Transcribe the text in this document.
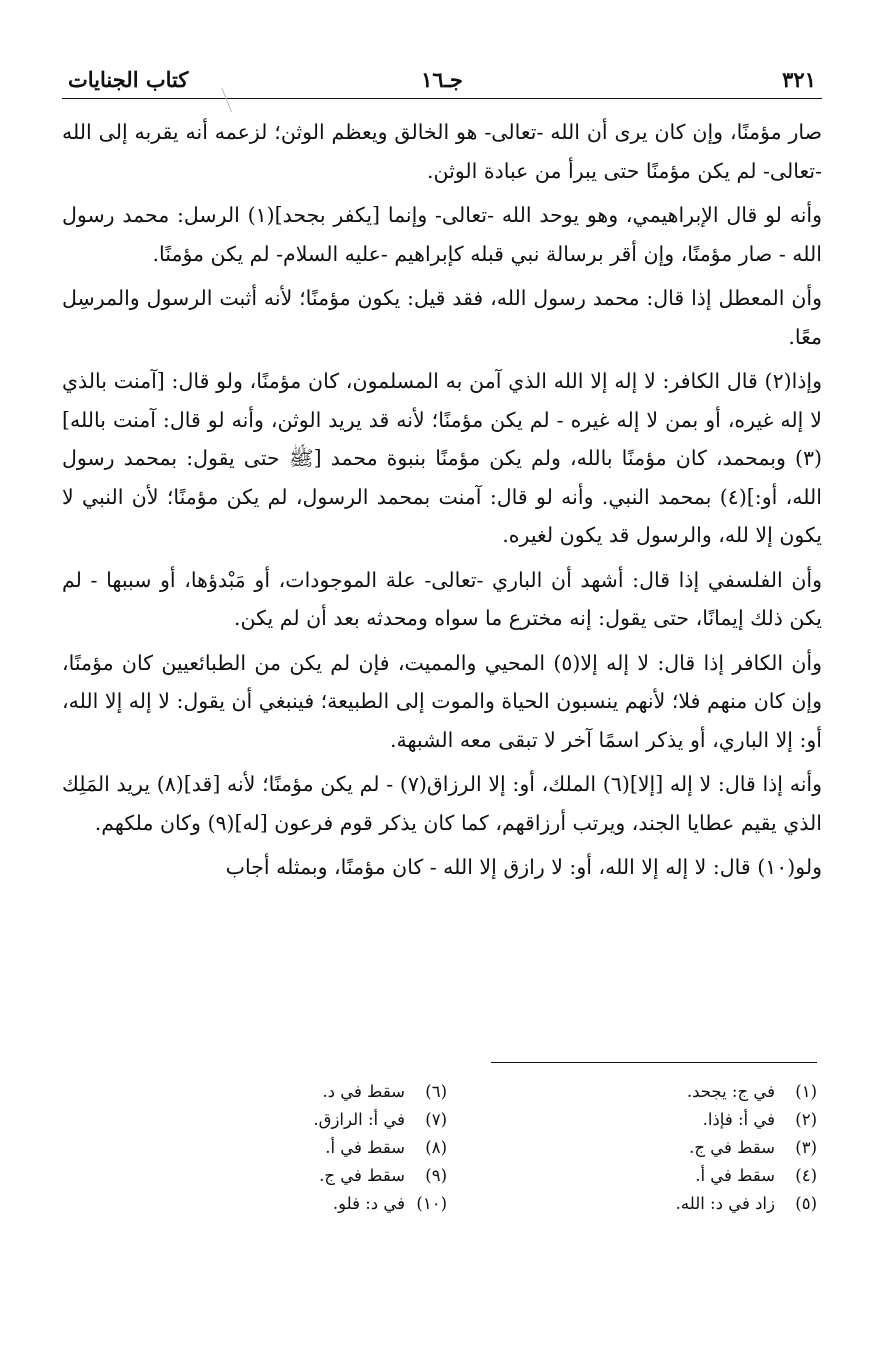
٣٢١
جـ١٦
كتاب الجنايات

صار مؤمنًا، وإن كان يرى أن الله -تعالى- هو الخالق ويعظم الوثن؛ لزعمه أنه يقربه إلى الله -تعالى- لم يكن مؤمنًا حتى يبرأ من عبادة الوثن.

وأنه لو قال الإبراهيمي، وهو يوحد الله -تعالى- وإنما [يكفر بجحد](١) الرسل: محمد رسول الله - صار مؤمنًا، وإن أقر برسالة نبي قبله كإبراهيم -عليه السلام- لم يكن مؤمنًا.

وأن المعطل إذا قال: محمد رسول الله، فقد قيل: يكون مؤمنًا؛ لأنه أثبت الرسول والمرسِل معًا.

وإذا(٢) قال الكافر: لا إله إلا الله الذي آمن به المسلمون، كان مؤمنًا، ولو قال: [آمنت بالذي لا إله غيره، أو بمن لا إله غيره - لم يكن مؤمنًا؛ لأنه قد يريد الوثن، وأنه لو قال: آمنت بالله](٣) وبمحمد، كان مؤمنًا بالله، ولم يكن مؤمنًا بنبوة محمد [ﷺ حتى يقول: بمحمد رسول الله، أو:](٤) بمحمد النبي. وأنه لو قال: آمنت بمحمد الرسول، لم يكن مؤمنًا؛ لأن النبي لا يكون إلا لله، والرسول قد يكون لغيره.

وأن الفلسفي إذا قال: أشهد أن الباري -تعالى- علة الموجودات، أو مَبْدؤها، أو سببها - لم يكن ذلك إيمانًا، حتى يقول: إنه مخترع ما سواه ومحدثه بعد أن لم يكن.

وأن الكافر إذا قال: لا إله إلا(٥) المحيي والمميت، فإن لم يكن من الطبائعيين كان مؤمنًا، وإن كان منهم فلا؛ لأنهم ينسبون الحياة والموت إلى الطبيعة؛ فينبغي أن يقول: لا إله إلا الله، أو: إلا الباري، أو يذكر اسمًا آخر لا تبقى معه الشبهة.

وأنه إذا قال: لا إله [إلا](٦) الملك، أو: إلا الرزاق(٧) - لم يكن مؤمنًا؛ لأنه [قد](٨) يريد المَلِك الذي يقيم عطايا الجند، ويرتب أرزاقهم، كما كان يذكر قوم فرعون [له](٩) وكان ملكهم.

ولو(١٠) قال: لا إله إلا الله، أو: لا رازق إلا الله - كان مؤمنًا، وبمثله أجاب

(١)في ج: يجحد.
(٢)في أ: فإذا.
(٣)سقط في ج.
(٤)سقط في أ.
(٥)زاد في د: الله.
(٦)سقط في د.
(٧)في أ: الرازق.
(٨)سقط في أ.
(٩)سقط في ج.
(١٠)في د: فلو.
